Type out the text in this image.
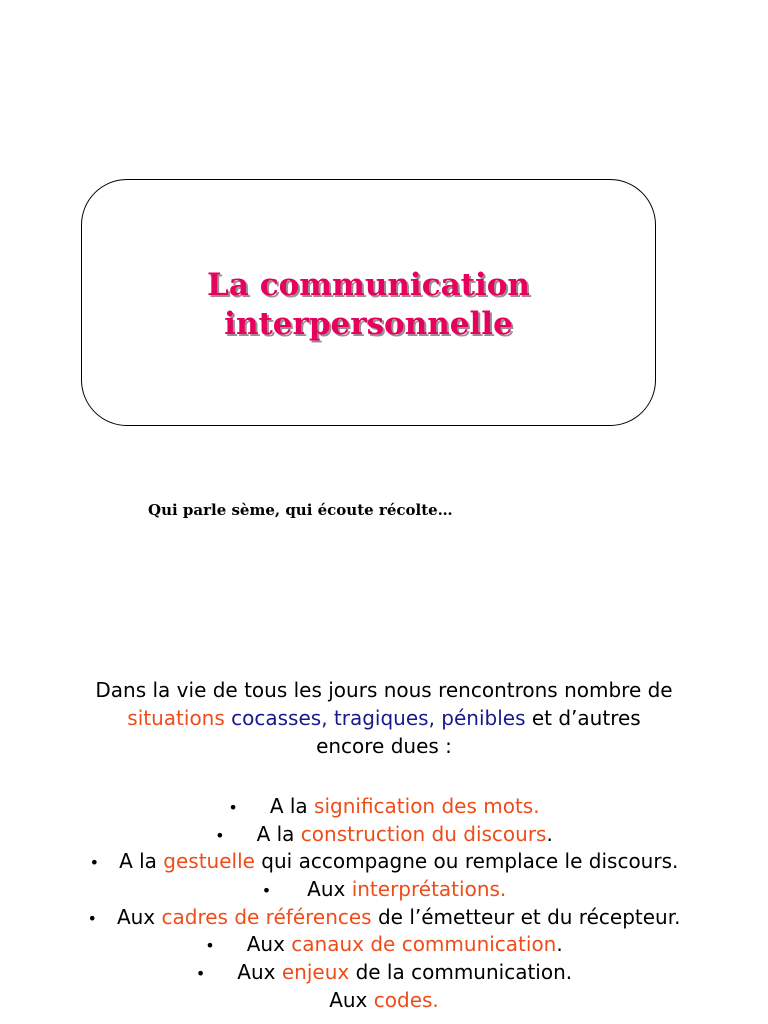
La communication
interpersonnelle
Qui parle sème, qui écoute récolte…
Dans la vie de tous les jours nous rencontrons nombre de
situations cocasses, tragiques, pénibles et d’autres
encore dues :
• A la signification des mots.
• A la construction du discours.
• A la gestuelle qui accompagne ou remplace le discours.
• Aux interprétations.
• Aux cadres de références de l’émetteur et du récepteur.
• Aux canaux de communication.
• Aux enjeux de la communication.
Aux codes.
